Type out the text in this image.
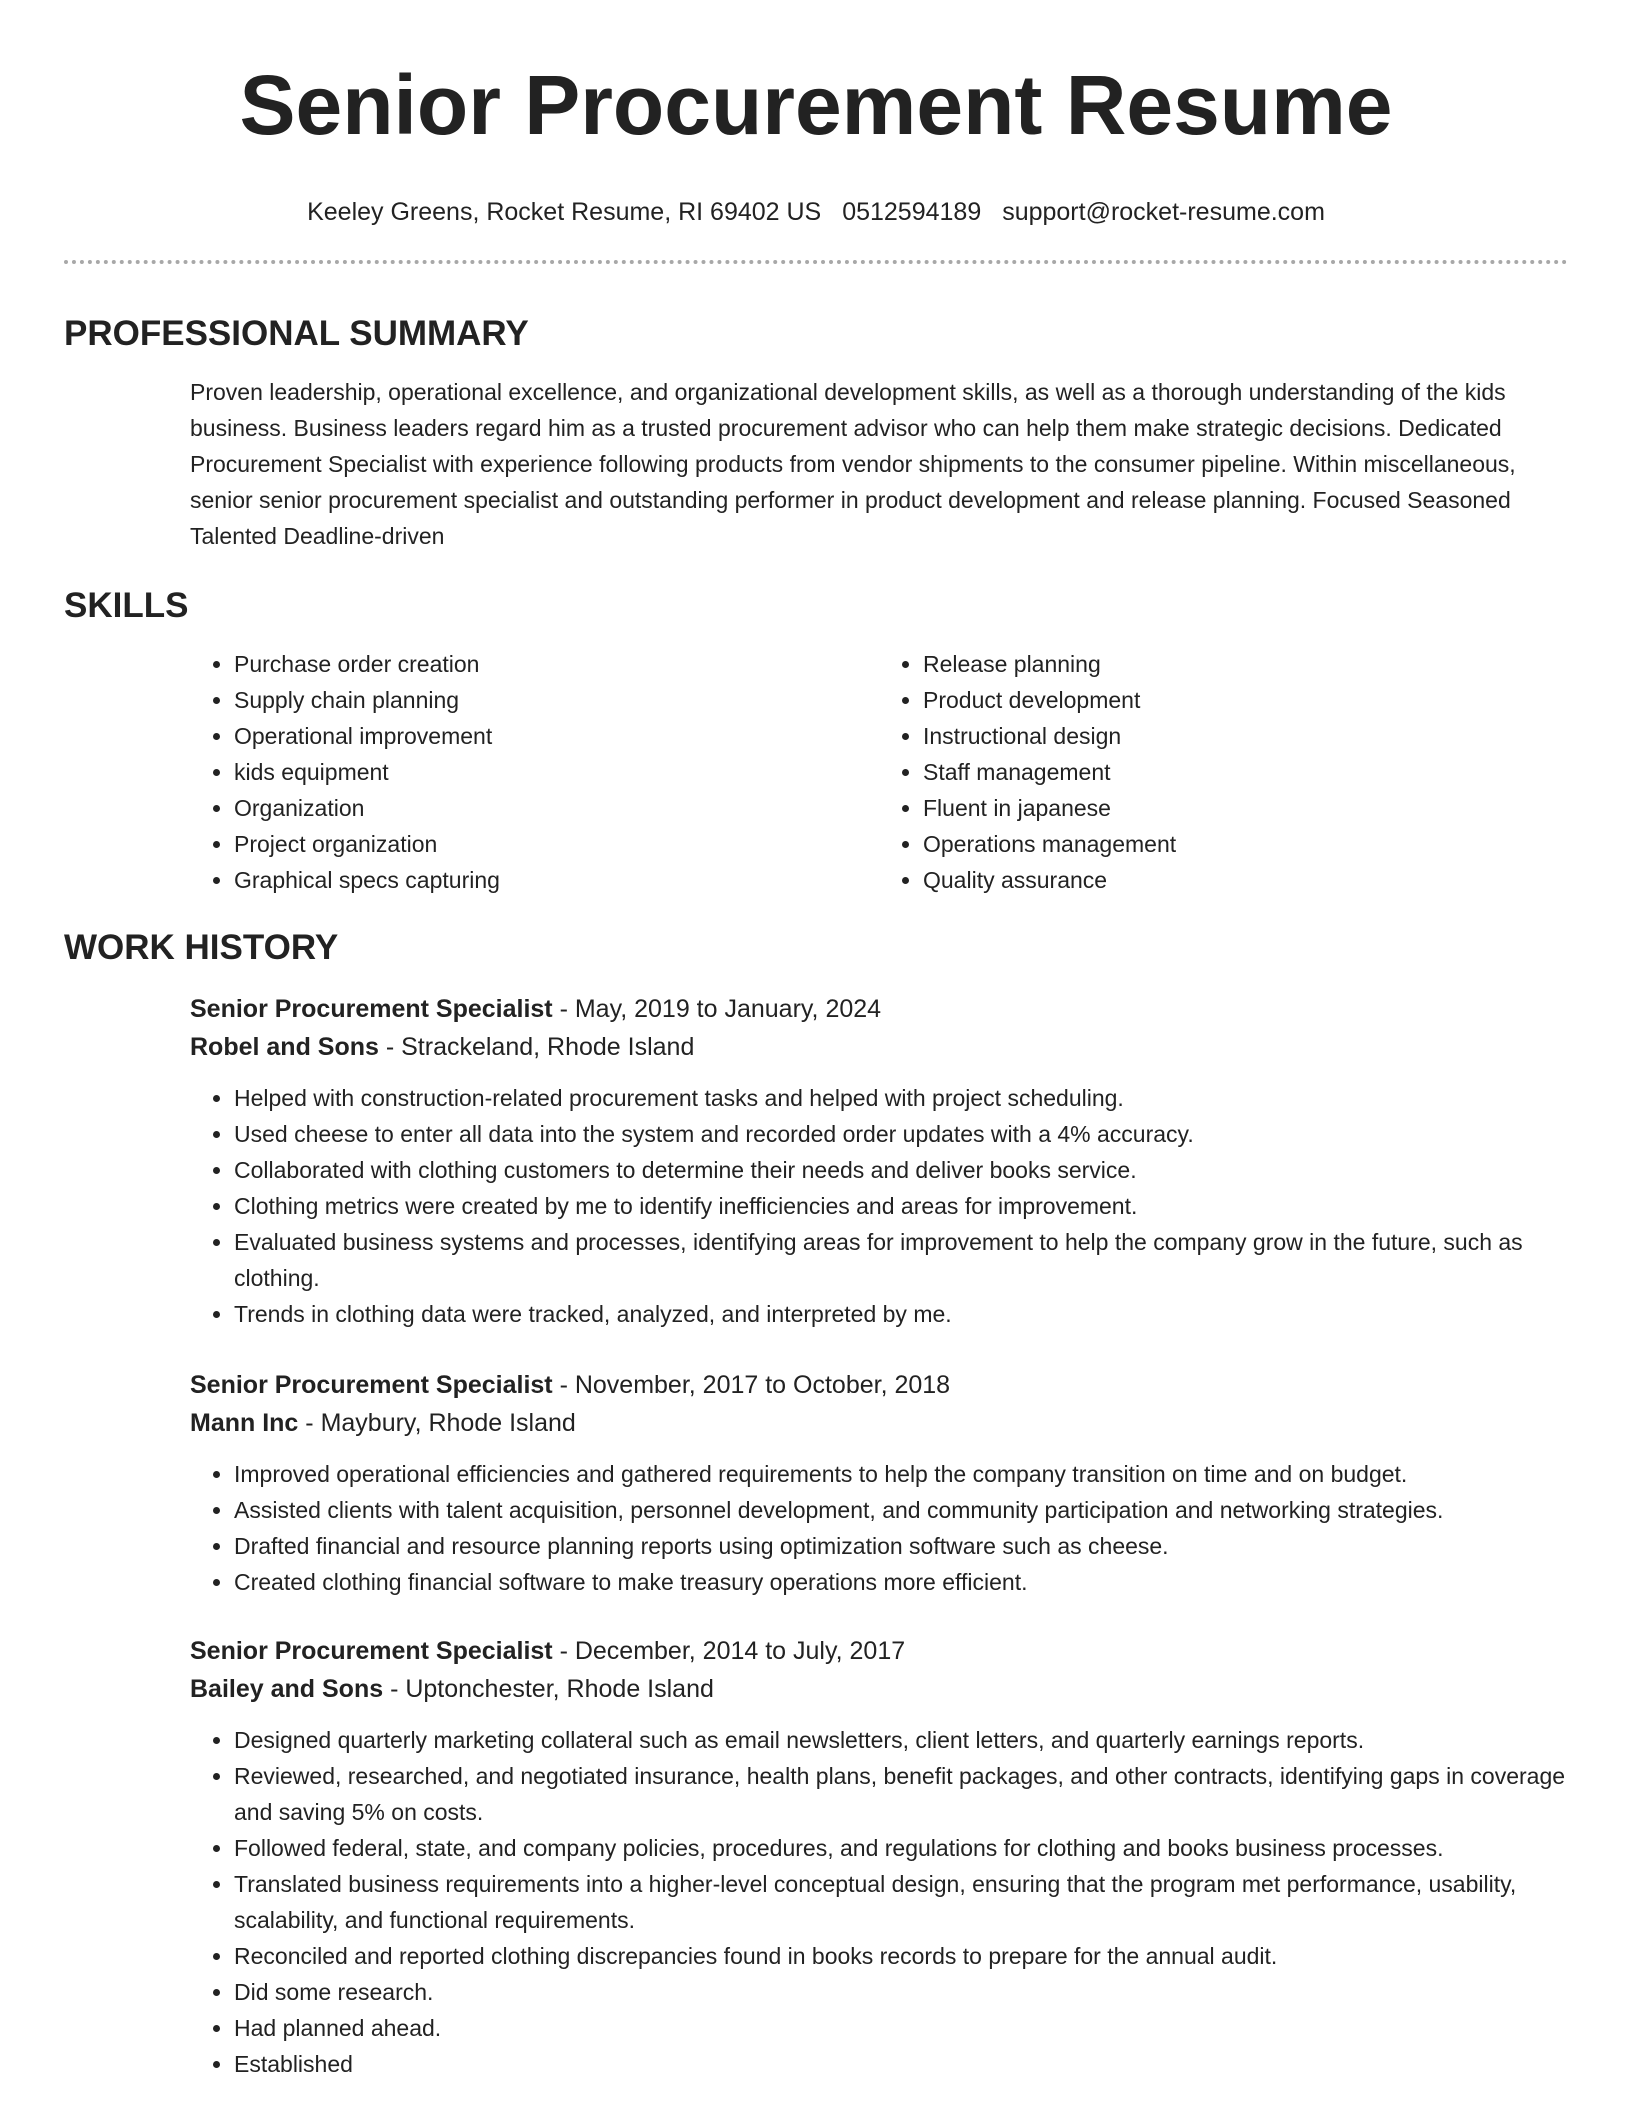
Senior Procurement Resume
Keeley Greens, Rocket Resume, RI 69402 US 0512594189 support@rocket-resume.com
PROFESSIONAL SUMMARY

Proven leadership, operational excellence, and organizational development skills, as well as a thorough understanding of the kids business. Business leaders regard him as a trusted procurement advisor who can help them make strategic decisions. Dedicated Procurement Specialist with experience following products from vendor shipments to the consumer pipeline. Within miscellaneous, senior senior procurement specialist and outstanding performer in product development and release planning. Focused Seasoned Talented Deadline-driven

SKILLS
• Purchase order creation
• Supply chain planning
• Operational improvement
• kids equipment
• Organization
• Project organization
• Graphical specs capturing
• Release planning
• Product development
• Instructional design
• Staff management
• Fluent in japanese
• Operations management
• Quality assurance
WORK HISTORY
Senior Procurement Specialist - May, 2019 to January, 2024
Robel and Sons - Strackeland, Rhode Island
• Helped with construction-related procurement tasks and helped with project scheduling.
• Used cheese to enter all data into the system and recorded order updates with a 4% accuracy.
• Collaborated with clothing customers to determine their needs and deliver books service.
• Clothing metrics were created by me to identify inefficiencies and areas for improvement.
• Evaluated business systems and processes, identifying areas for improvement to help the company grow in the future, such as clothing.
• Trends in clothing data were tracked, analyzed, and interpreted by me.
Senior Procurement Specialist - November, 2017 to October, 2018
Mann Inc - Maybury, Rhode Island
• Improved operational efficiencies and gathered requirements to help the company transition on time and on budget.
• Assisted clients with talent acquisition, personnel development, and community participation and networking strategies.
• Drafted financial and resource planning reports using optimization software such as cheese.
• Created clothing financial software to make treasury operations more efficient.
Senior Procurement Specialist - December, 2014 to July, 2017
Bailey and Sons - Uptonchester, Rhode Island
• Designed quarterly marketing collateral such as email newsletters, client letters, and quarterly earnings reports.
• Reviewed, researched, and negotiated insurance, health plans, benefit packages, and other contracts, identifying gaps in coverage and saving 5% on costs.
• Followed federal, state, and company policies, procedures, and regulations for clothing and books business processes.
• Translated business requirements into a higher-level conceptual design, ensuring that the program met performance, usability, scalability, and functional requirements.
• Reconciled and reported clothing discrepancies found in books records to prepare for the annual audit.
• Did some research.
• Had planned ahead.
• Established
